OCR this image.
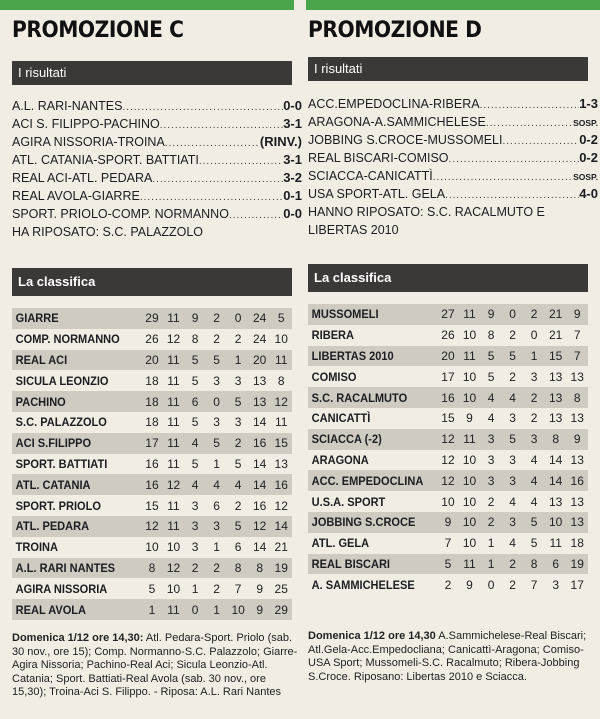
PROMOZIONE C
I risultati
A.L. RARI-NANTES .....	0-0
ACI S. FILIPPO-PACHINO .....	3-1
AGIRA NISSORIA-TROINA .....	(RINV.)
ATL. CATANIA-SPORT. BATTIATI .....	3-1
REAL ACI-ATL. PEDARA .....	3-2
REAL AVOLA-GIARRE .....	0-1
SPORT. PRIOLO-COMP. NORMANNO .....	0-0
HA RIPOSATO: S.C. PALAZZOLO
La classifica
GIARRE	29 11 9	2	0 24 5
COMP. NORMANNO	26 12 8	2	2 24 10
REAL ACI	20 11 5	5	1 20 11
SICULA LEONZIO	18 11 5	3	3 13 8
PACHINO	18 11 6	0	5 13 12
S.C. PALAZZOLO	18 11 5	3	3 14 11
ACI S.FILIPPO	17 11 4	5	2 16 15
SPORT. BATTIATI	16 11 5	1	5 14 13
ATL. CATANIA	16 12 4	4	4 14 16
SPORT. PRIOLO	15 11 3	6	2 16 12
ATL. PEDARA	12 11 3	3	5 12 14
TROINA	10 10 3	1	6 14 21
A.L. RARI NANTES	8 12 2	2	8	8 19
AGIRA NISSORIA	5 10 1	2	7	9 25
REAL AVOLA	1 11 0	1 10 9 29
Domenica 1/12 ore 14,30: Atl. Pedara-Sport. Priolo (sab. 30 nov., ore 15); Comp. Normanno-S.C. Palazzolo; Giarre-Agira Nissoria; Pachino-Real Aci; Sicula Leonzio-Atl. Catania; Sport. Battiati-Real Avola (sab. 30 nov., ore 15,30); Troina-Aci S. Filippo. - Riposa: A.L. Rari Nantes
PROMOZIONE D
I risultati
ACC.EMPEDOCLINA-RIBERA .....	1-3
ARAGONA-A.SAMMICHELESE .....	SOSP.
JOBBING S.CROCE-MUSSOMELI .....	0-2
REAL BISCARI-COMISO .....	0-2
SCIACCA-CANICATTÌ .....	SOSP.
USA SPORT-ATL. GELA .....	4-0
HANNO RIPOSATO: S.C. RACALMUTO E LIBERTAS 2010
La classifica
MUSSOMELI	27 11 9	0	2 21 9
RIBERA	26 10 8	2	0 21 7
LIBERTAS 2010	20 11 5	5	1 15 7
COMISO	17 10 5	2	3 13 13
S.C. RACALMUTO	16 10 4	4	2 13 8
CANICATTÌ	15 9	4	3	2 13 13
SCIACCA (-2)	12 11 3	5	3	8	9
ARAGONA	12 10 3	3	4 14 13
ACC. EMPEDOCLINA	12 10 3	3	4 14 16
U.S.A. SPORT	10 10 2	4	4 13 13
JOBBING S.CROCE	9 10 2	3	5 10 13
ATL. GELA	7 10 1	4	5 11 18
REAL BISCARI	5 11 1	2	8	6 19
A. SAMMICHELESE	2	9	0	2	7	3 17
Domenica 1/12 ore 14,30 A.Sammichelese-Real Biscari; Atl.Gela-Acc.Empedocliana; Canicattì-Aragona; Comiso-USA Sport; Mussomeli-S.C. Racalmuto; Ribera-Jobbing S.Croce. Riposano: Libertas 2010 e Sciacca.
